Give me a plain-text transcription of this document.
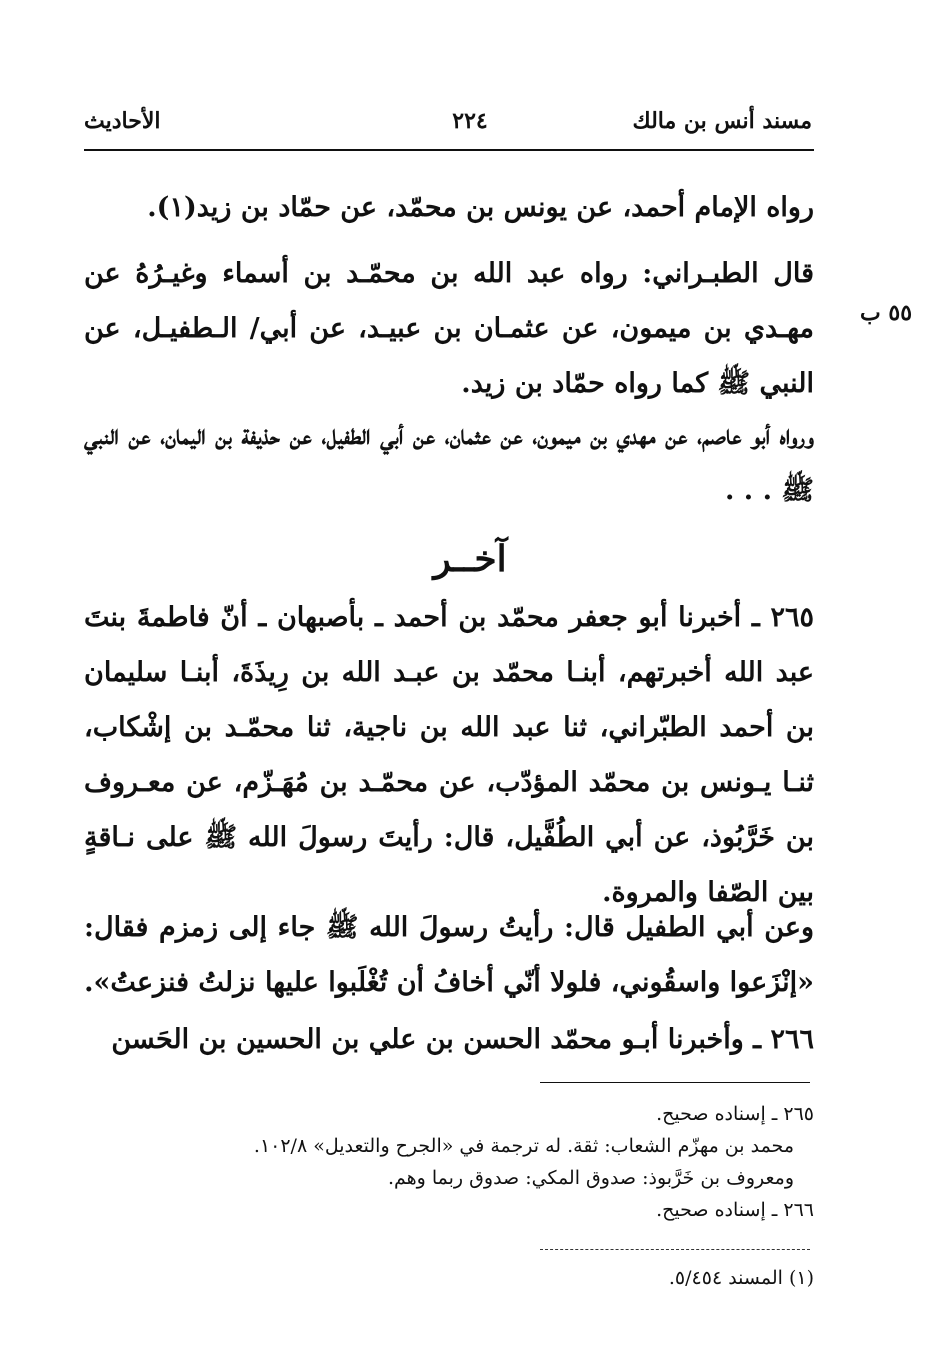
مسند أنس بن مالك
٢٢٤
الأحاديث
٥٥ ب
رواه الإمام أحمد، عن يونس بن محمّد، عن حمّاد بن زيد(١).
قال الطبـراني: رواه عبد الله بن محمّـد بن أسماء وغيـرُهُ عن مهـدي بن ميمون، عن عثمـان بن عبيـد، عن أبي/ الـطفيـل، عن النبي ﷺ كما رواه حمّاد بن زيد.
ورواه أبو عاصم، عن مهدي بن ميمون، عن عثمان، عن أبي الطفيل، عن حذيفة بن اليمان، عن النبي ﷺ . . .
آخــر
٢٦٥ ـ أخبرنا أبو جعفر محمّد بن أحمد ـ بأصبهان ـ أنّ فاطمةَ بنتَ عبد الله أخبرتهم، أبنـا محمّد بن عبـد الله بن رِيذَةَ، أبنـا سليمان بن أحمد الطبّراني، ثنا عبد الله بن ناجية، ثنا محمّـد بن إشْكاب، ثنـا يـونس بن محمّد المؤدّب، عن محمّـد بن مُهَـزّم، عن معـروف بن خَرَّبُوذ، عن أبي الطُفَّيل، قال: رأيتَ رسولَ الله ﷺ على نـاقةٍ بين الصّفا والمروة.
وعن أبي الطفيل قال: رأيتُ رسولَ الله ﷺ جاء إلى زمزم فقال: «إنْزَعوا واسقُوني، فلولا أنّي أخافُ أن تُغْلَبوا عليها نزلتُ فنزعتُ».
٢٦٦ ـ وأخبرنا أبـو محمّد الحسن بن علي بن الحسين بن الحَسن
٢٦٥ ـ إسناده صحيح.
محمد بن مهزّم الشعاب: ثقة. له ترجمة في «الجرح والتعديل» ١٠٢/٨.
ومعروف بن خَرَّبوذ: صدوق المكي: صدوق ربما وهم.
٢٦٦ ـ إسناده صحيح.
(١) المسند ٥/٤٥٤.
